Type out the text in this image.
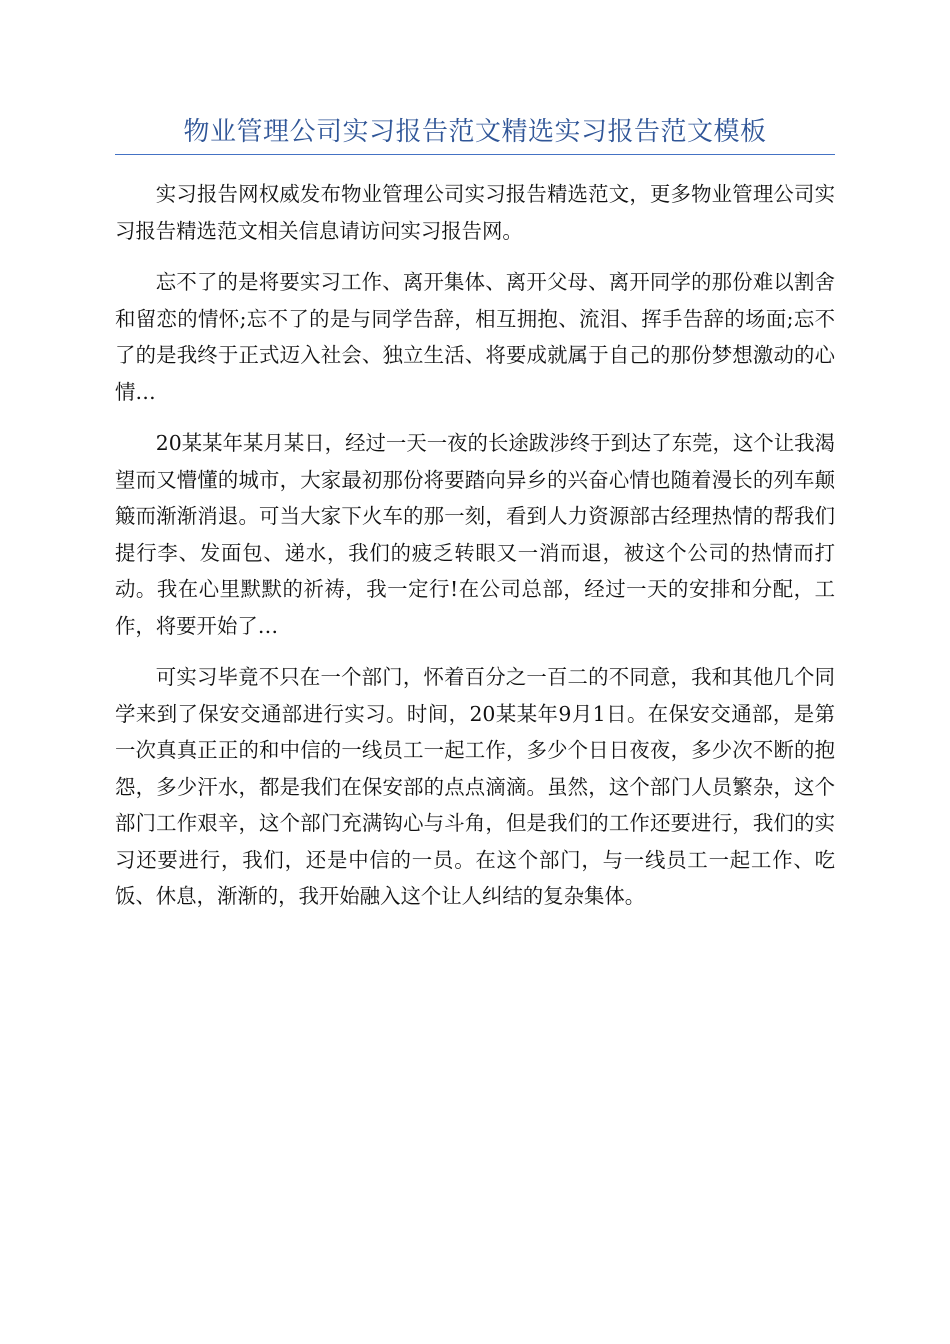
物业管理公司实习报告范文精选实习报告范文模板

实习报告网权威发布物业管理公司实习报告精选范文，更多物业管理公司实习报告精选范文相关信息请访问实习报告网。

忘不了的是将要实习工作、离开集体、离开父母、离开同学的那份难以割舍和留恋的情怀;忘不了的是与同学告辞，相互拥抱、流泪、挥手告辞的场面;忘不了的是我终于正式迈入社会、独立生活、将要成就属于自己的那份梦想激动的心情…

20某某年某月某日，经过一天一夜的长途跋涉终于到达了东莞，这个让我渴望而又懵懂的城市，大家最初那份将要踏向异乡的兴奋心情也随着漫长的列车颠簸而渐渐消退。可当大家下火车的那一刻，看到人力资源部古经理热情的帮我们提行李、发面包、递水，我们的疲乏转眼又一消而退，被这个公司的热情而打动。我在心里默默的祈祷，我一定行!在公司总部，经过一天的安排和分配，工作，将要开始了…

可实习毕竟不只在一个部门，怀着百分之一百二的不同意，我和其他几个同学来到了保安交通部进行实习。时间，20某某年9月1日。在保安交通部，是第一次真真正正的和中信的一线员工一起工作，多少个日日夜夜，多少次不断的抱怨，多少汗水，都是我们在保安部的点点滴滴。虽然，这个部门人员繁杂，这个部门工作艰辛，这个部门充满钩心与斗角，但是我们的工作还要进行，我们的实习还要进行，我们，还是中信的一员。在这个部门，与一线员工一起工作、吃饭、休息，渐渐的，我开始融入这个让人纠结的复杂集体。
